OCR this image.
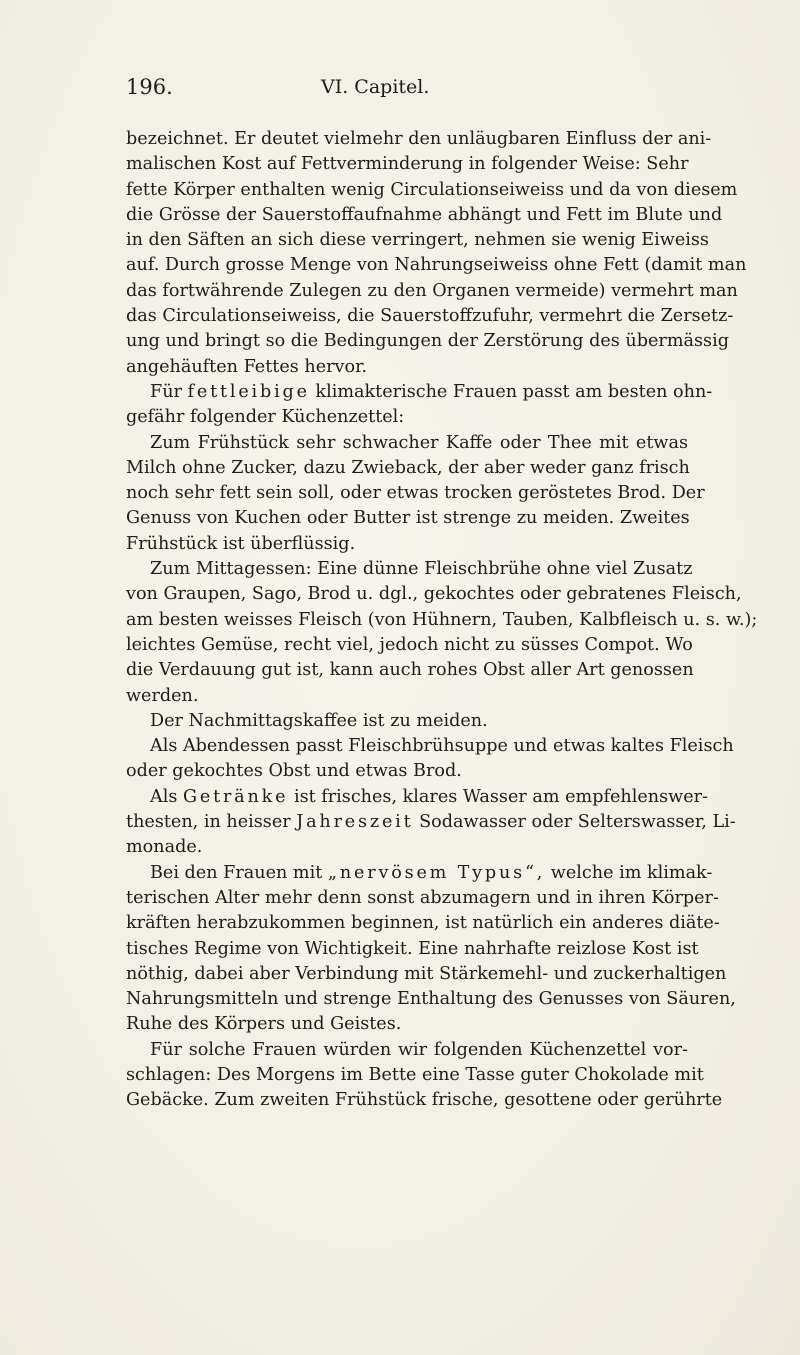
196.	VI. Capitel.
bezeichnet. Er deutet vielmehr den unläugbaren Einfluss der ani-
malischen Kost auf Fettverminderung in folgender Weise: Sehr
fette Körper enthalten wenig Circulationseiweiss und da von diesem
die Grösse der Sauerstoffaufnahme abhängt und Fett im Blute und
in den Säften an sich diese verringert, nehmen sie wenig Eiweiss
auf. Durch grosse Menge von Nahrungseiweiss ohne Fett (damit man
das fortwährende Zulegen zu den Organen vermeide) vermehrt man
das Circulationseiweiss, die Sauerstoffzufuhr, vermehrt die Zersetz-
ung und bringt so die Bedingungen der Zerstörung des übermässig
angehäuften Fettes hervor.
Für fettleibige klimakterische Frauen passt am besten ohn-
gefähr folgender Küchenzettel:
Zum Frühstück sehr schwacher Kaffe oder Thee mit etwas
Milch ohne Zucker, dazu Zwieback, der aber weder ganz frisch
noch sehr fett sein soll, oder etwas trocken geröstetes Brod. Der
Genuss von Kuchen oder Butter ist strenge zu meiden. Zweites
Frühstück ist überflüssig.
Zum Mittagessen: Eine dünne Fleischbrühe ohne viel Zusatz
von Graupen, Sago, Brod u. dgl., gekochtes oder gebratenes Fleisch,
am besten weisses Fleisch (von Hühnern, Tauben, Kalbfleisch u. s. w.);
leichtes Gemüse, recht viel, jedoch nicht zu süsses Compot. Wo
die Verdauung gut ist, kann auch rohes Obst aller Art genossen
werden.
Der Nachmittagskaffee ist zu meiden.
Als Abendessen passt Fleischbrühsuppe und etwas kaltes Fleisch
oder gekochtes Obst und etwas Brod.
Als Getränke ist frisches, klares Wasser am empfehlenswer-
thesten, in heisser Jahreszeit Sodawasser oder Selterswasser, Li-
monade.
Bei den Frauen mit „nervösem Typus“, welche im klimak-
terischen Alter mehr denn sonst abzumagern und in ihren Körper-
kräften herabzukommen beginnen, ist natürlich ein anderes diäte-
tisches Regime von Wichtigkeit. Eine nahrhafte reizlose Kost ist
nöthig, dabei aber Verbindung mit Stärkemehl- und zuckerhaltigen
Nahrungsmitteln und strenge Enthaltung des Genusses von Säuren,
Ruhe des Körpers und Geistes.
Für solche Frauen würden wir folgenden Küchenzettel vor-
schlagen: Des Morgens im Bette eine Tasse guter Chokolade mit
Gebäcke. Zum zweiten Frühstück frische, gesottene oder gerührte
